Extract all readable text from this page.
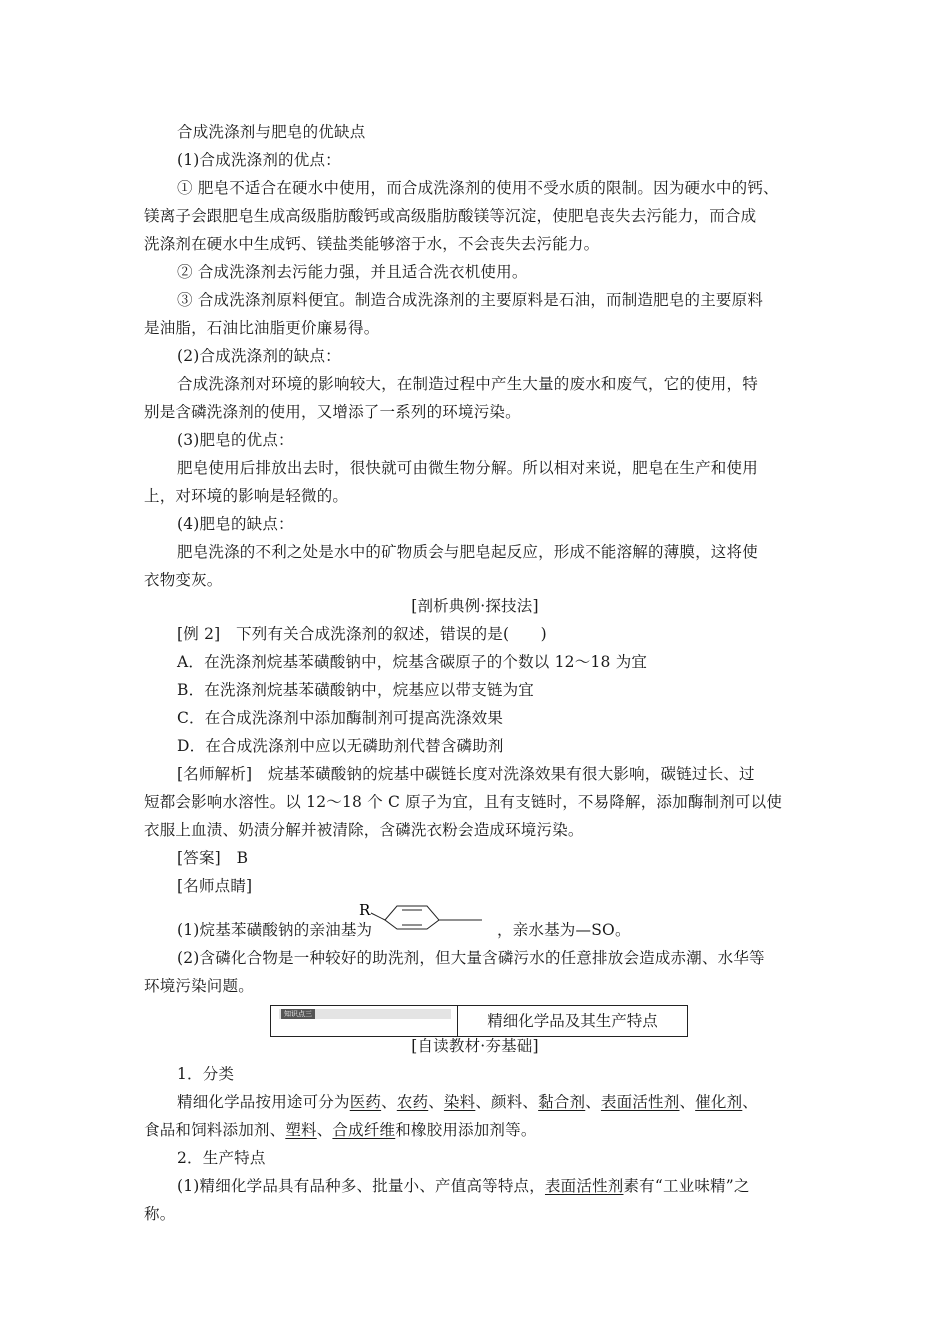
合成洗涤剂与肥皂的优缺点
(1)合成洗涤剂的优点：
① 肥皂不适合在硬水中使用，而合成洗涤剂的使用不受水质的限制。因为硬水中的钙、
镁离子会跟肥皂生成高级脂肪酸钙或高级脂肪酸镁等沉淀，使肥皂丧失去污能力，而合成
洗涤剂在硬水中生成钙、镁盐类能够溶于水，不会丧失去污能力。
② 合成洗涤剂去污能力强，并且适合洗衣机使用。
③ 合成洗涤剂原料便宜。制造合成洗涤剂的主要原料是石油，而制造肥皂的主要原料
是油脂，石油比油脂更价廉易得。
(2)合成洗涤剂的缺点：
合成洗涤剂对环境的影响较大，在制造过程中产生大量的废水和废气，它的使用，特
别是含磷洗涤剂的使用，又增添了一系列的环境污染。
(3)肥皂的优点：
肥皂使用后排放出去时，很快就可由微生物分解。所以相对来说，肥皂在生产和使用
上，对环境的影响是轻微的。
(4)肥皂的缺点：
肥皂洗涤的不利之处是水中的矿物质会与肥皂起反应，形成不能溶解的薄膜，这将使
衣物变灰。
[剖析典例·探技法]
[例 2]　下列有关合成洗涤剂的叙述，错误的是(　　)
A．在洗涤剂烷基苯磺酸钠中，烷基含碳原子的个数以 12～18 为宜
B．在洗涤剂烷基苯磺酸钠中，烷基应以带支链为宜
C．在合成洗涤剂中添加酶制剂可提高洗涤效果
D．在合成洗涤剂中应以无磷助剂代替含磷助剂
[名师解析]　烷基苯磺酸钠的烷基中碳链长度对洗涤效果有很大影响，碳链过长、过
短都会影响水溶性。以 12～18 个 C 原子为宜，且有支链时，不易降解，添加酶制剂可以使
衣服上血渍、奶渍分解并被清除，含磷洗衣粉会造成环境污染。
[答案]　B
[名师点睛]
(1)烷基苯磺酸钠的亲油基为
R
，亲水基为—SO。
(2)含磷化合物是一种较好的助洗剂，但大量含磷污水的任意排放会造成赤潮、水华等
环境污染问题。
知识点三	精细化学品及其生产特点
[自读教材·夯基础]
1．分类
精细化学品按用途可分为医药、农药、染料、颜料、黏合剂、表面活性剂、催化剂、
食品和饲料添加剂、塑料、合成纤维和橡胶用添加剂等。
2．生产特点
(1)精细化学品具有品种多、批量小、产值高等特点，表面活性剂素有“工业味精”之
称。
